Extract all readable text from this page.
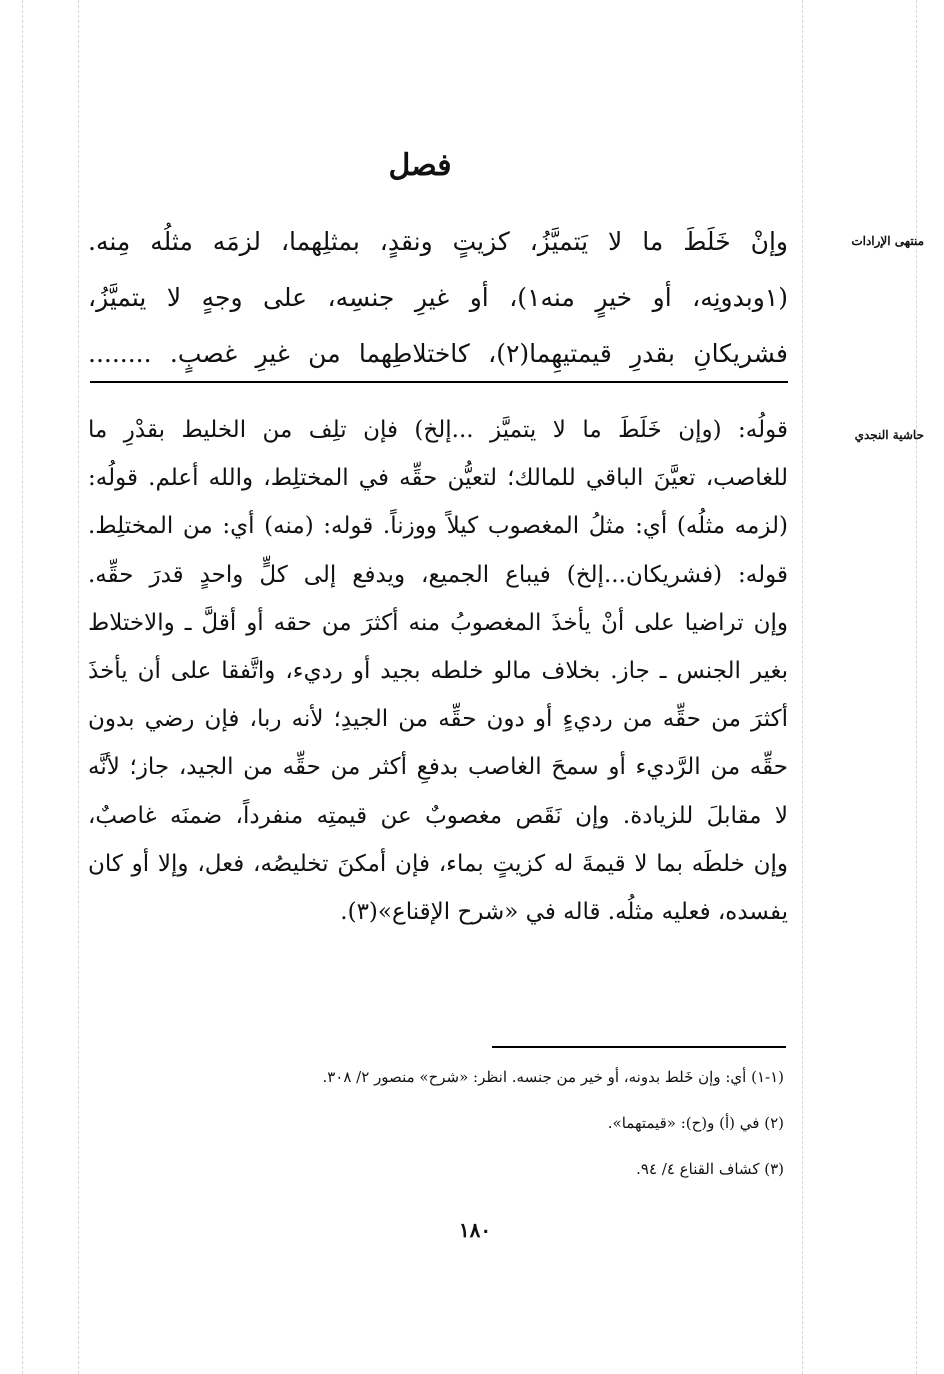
فصل
منتهى الإرادات
حاشية النجدي
وإنْ خَلَطَ ما لا يَتميَّزُ، كزيتٍ ونقدٍ، بمثلِهما، لزمَه مثلُه مِنه.
(١وبدونِه، أو خيرٍ منه١)، أو غيرِ جنسِه، على وجهٍ لا يتميَّزُ،
فشريكانِ بقدرِ قيمتيهِما(٢)، كاختلاطِهما من غيرِ غصبٍ. ........
قولُه: (وإن خَلَطَ ما لا يتميَّز ...إلخ) فإن تلِف من الخليط بقدْرِ ما
للغاصب، تعيَّنَ الباقي للمالك؛ لتعيُّن حقِّه في المختلِط، والله أعلم. قولُه:
(لزمه مثلُه) أي: مثلُ المغصوب كيلاً ووزناً. قوله: (منه) أي: من المختلِط.
قوله: (فشريكان...إلخ) فيباع الجميع، ويدفع إلى كلٍّ واحدٍ قدرَ حقِّه.
وإن تراضيا على أنْ يأخذَ المغصوبُ منه أكثرَ من حقه أو أقلَّ ـ والاختلاط
بغير الجنس ـ جاز. بخلاف مالو خلطه بجيد أو رديء، واتَّفقا على أن يأخذَ
أكثرَ من حقِّه من رديءٍ أو دون حقِّه من الجيدِ؛ لأنه ربا، فإن رضي بدون
حقِّه من الرَّديء أو سمحَ الغاصب بدفعِ أكثر من حقِّه من الجيد، جاز؛ لأنَّه
لا مقابلَ للزيادة. وإن نَقَص مغصوبٌ عن قيمتِه منفرداً، ضمنَه غاصبٌ،
وإن خلطَه بما لا قيمةَ له كزيتٍ بماء، فإن أمكنَ تخليصُه، فعل، وإلا أو كان
يفسده، فعليه مثلُه. قاله في «شرح الإقناع»(٣).
(١-١) أي: وإن خَلط بدونه، أو خير من جنسه. انظر: «شرح» منصور ٢/ ٣٠٨.
(٢) في (أ) و(ح): «قيمتهما».
(٣) كشاف القناع ٤/ ٩٤.
١٨٠
